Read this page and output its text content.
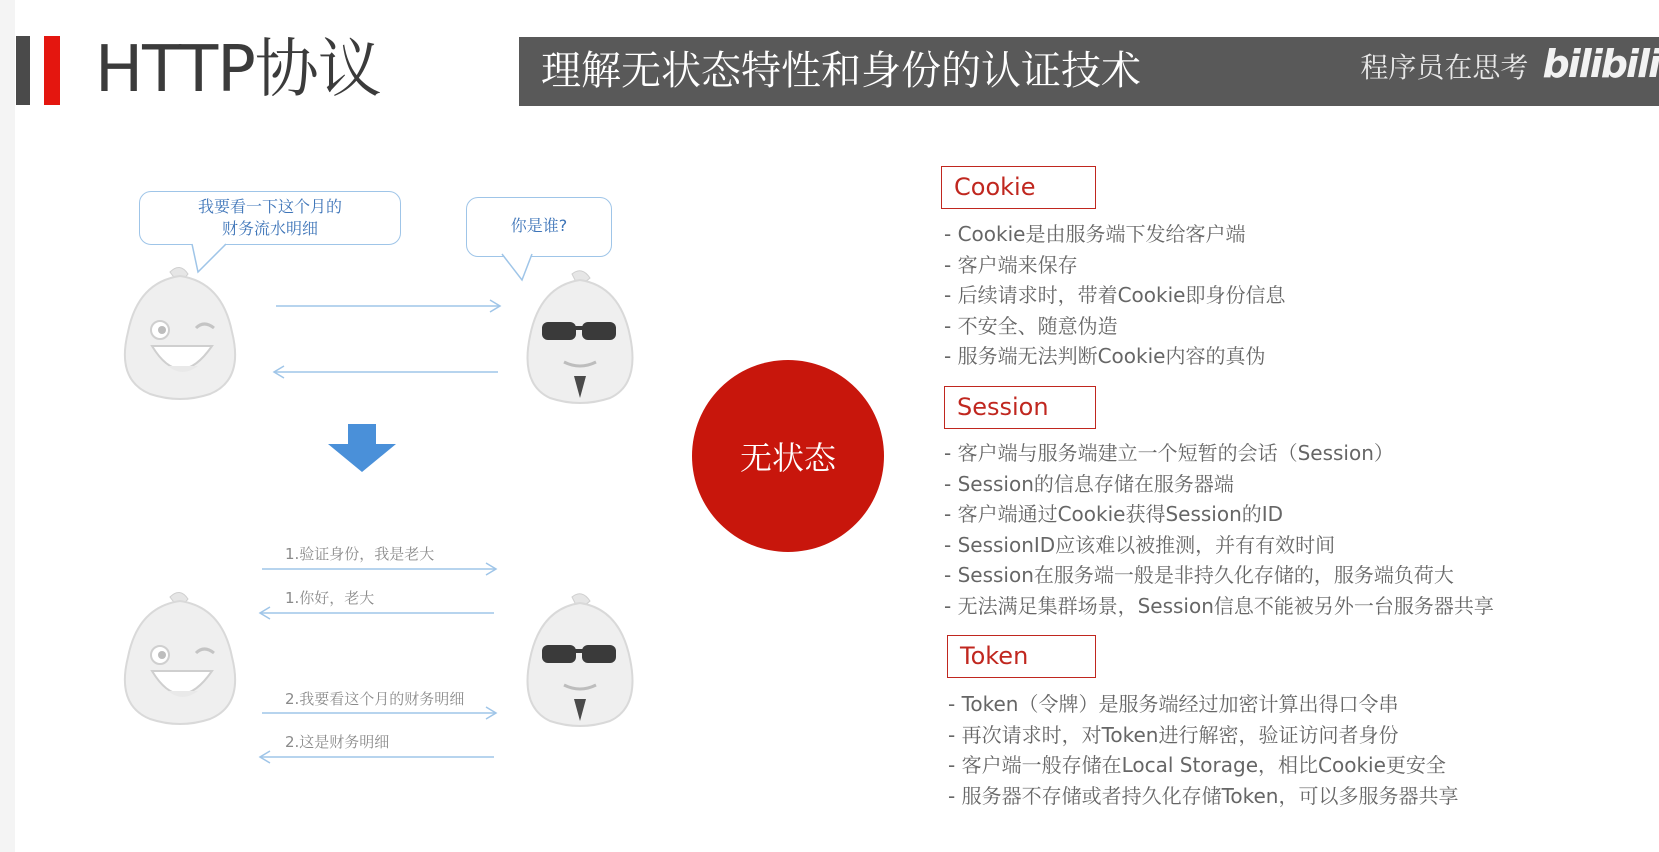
HTTP协议	理解无状态特性和身份的认证技术	程序员在思考 bilibili
我要看一下这个月的
财务流水明细	你是谁?
1.验证身份，我是老大
1.你好，老大
2.我要看这个月的财务明细
2.这是财务明细
无状态
Cookie
- Cookie是由服务端下发给客户端
- 客户端来保存
- 后续请求时，带着Cookie即身份信息
- 不安全、随意伪造
- 服务端无法判断Cookie内容的真伪
Session
- 客户端与服务端建立一个短暂的会话（Session）
- Session的信息存储在服务器端
- 客户端通过Cookie获得Session的ID
- SessionID应该难以被推测，并有有效时间
- Session在服务端一般是非持久化存储的，服务端负荷大
- 无法满足集群场景，Session信息不能被另外一台服务器共享
Token
- Token（令牌）是服务端经过加密计算出得口令串
- 再次请求时，对Token进行解密，验证访问者身份
- 客户端一般存储在Local Storage，相比Cookie更安全
- 服务器不存储或者持久化存储Token，可以多服务器共享
